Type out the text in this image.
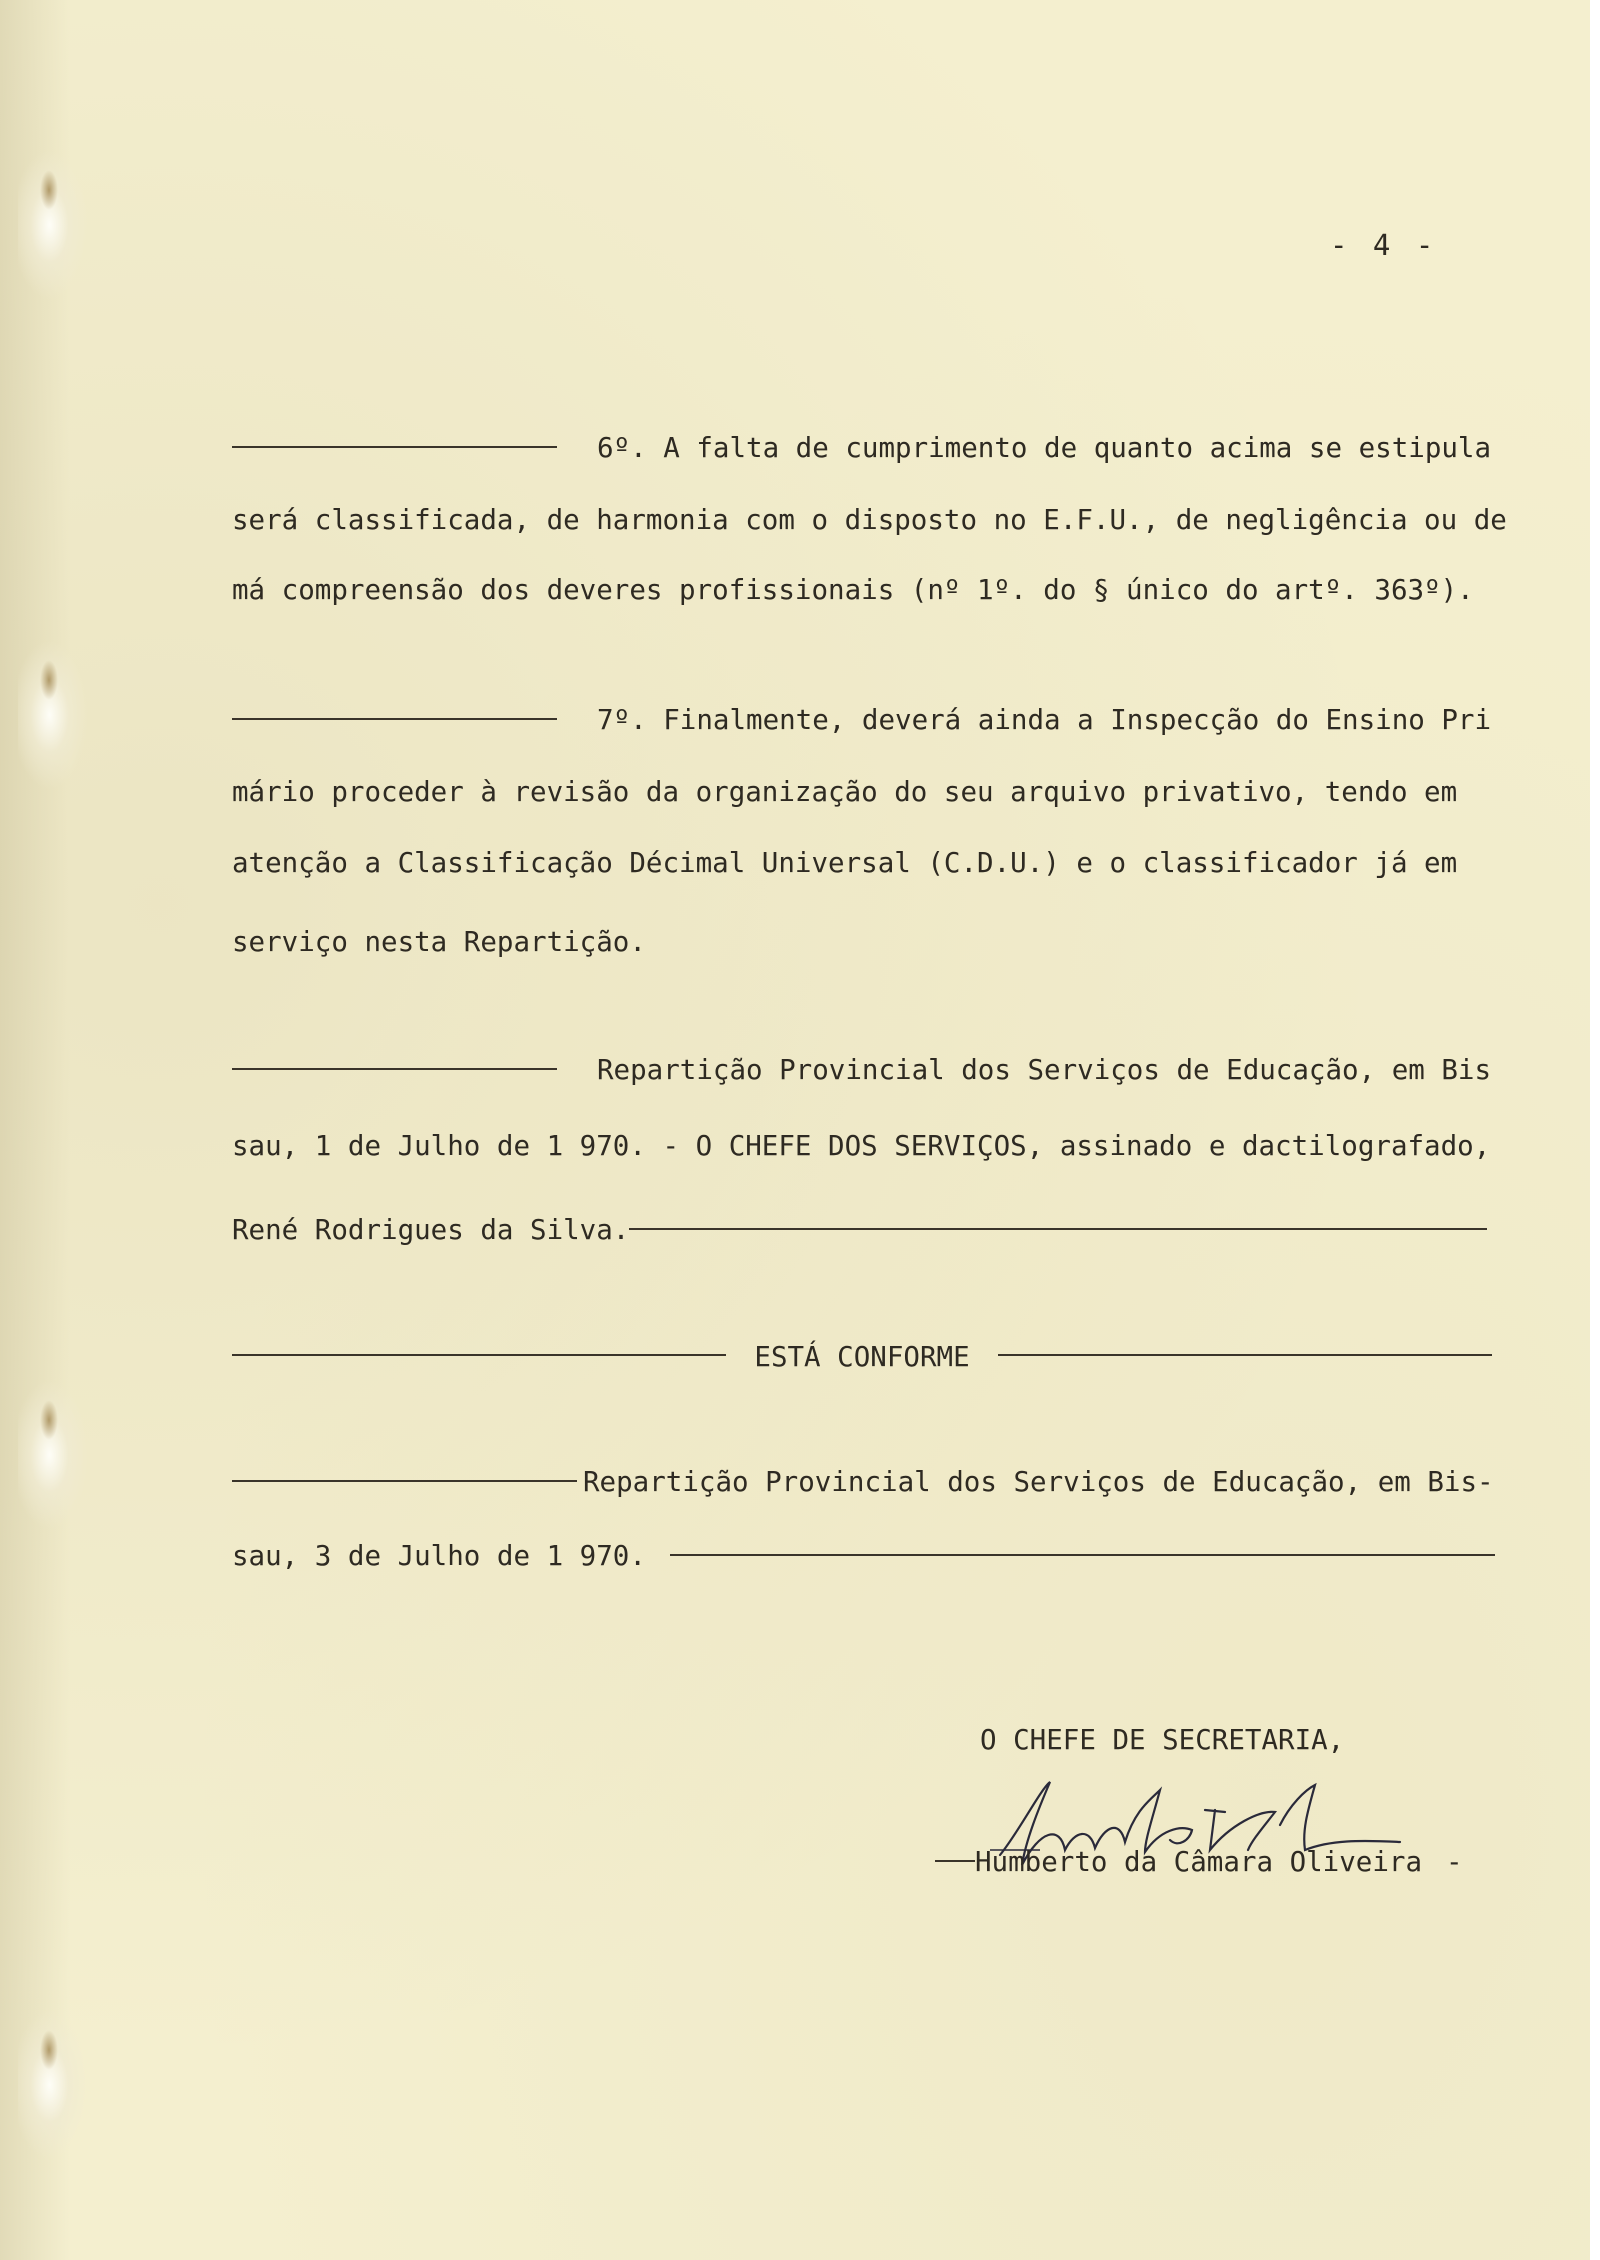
- 4 -
6º. A falta de cumprimento de quanto acima se estipula
será classificada, de harmonia com o disposto no E.F.U., de negligência ou de
má compreensão dos deveres profissionais (nº 1º. do § único do artº. 363º).
7º. Finalmente, deverá ainda a Inspecção do Ensino Pri
mário proceder à revisão da organização do seu arquivo privativo, tendo em
atenção a Classificação Décimal Universal (C.D.U.) e o classificador já em
serviço nesta Repartição.
Repartição Provincial dos Serviços de Educação, em Bis
sau, 1 de Julho de 1 970. - O CHEFE DOS SERVIÇOS, assinado e dactilografado,
René Rodrigues da Silva.
ESTÁ CONFORME
Repartição Provincial dos Serviços de Educação, em Bis-
sau, 3 de Julho de 1 970.
O CHEFE DE SECRETARIA,
Humberto da Câmara Oliveira -
